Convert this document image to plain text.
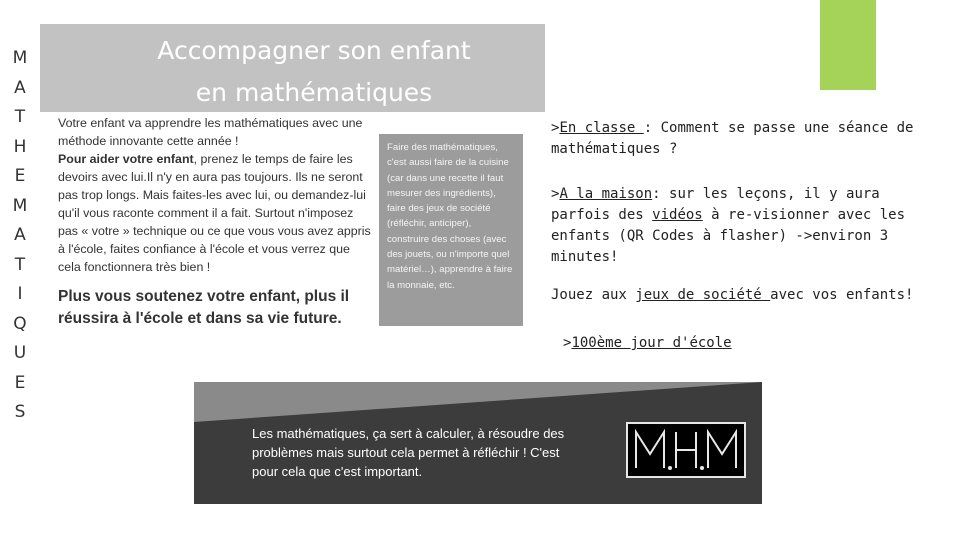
M
A
T
H
E
M
A
T
I
Q
U
E
S
Accompagner son enfant
en mathématiques

Votre enfant va apprendre les mathématiques avec une méthode innovante cette année !

Pour aider votre enfant, prenez le temps de faire les devoirs avec lui.Il n'y en aura pas toujours. Ils ne seront pas trop longs. Mais faites-les avec lui, ou demandez-lui qu'il vous raconte comment il a fait. Surtout n'imposez pas « votre » technique ou ce que vous vous avez appris à l'école, faites confiance à l'école et vous verrez que cela fonctionnera très bien !

Plus vous soutenez votre enfant, plus il réussira à l'école et dans sa vie future.

Faire des mathématiques, c'est aussi faire de la cuisine (car dans une recette il faut mesurer des ingrédients), faire des jeux de société (réfléchir, anticiper), construire des choses (avec des jouets, ou n'importe quel matériel…), apprendre à faire la monnaie, etc.

>En classe : Comment se passe une séance de mathématiques ?

>A la maison: sur les leçons, il y aura parfois des vidéos à re-visionner avec les enfants (QR Codes à flasher) ->environ 3 minutes!

Jouez aux jeux de société avec vos enfants!

>100ème jour d'école

Les mathématiques, ça sert à calculer, à résoudre des problèmes mais surtout cela permet à réfléchir ! C'est pour cela que c'est important.
